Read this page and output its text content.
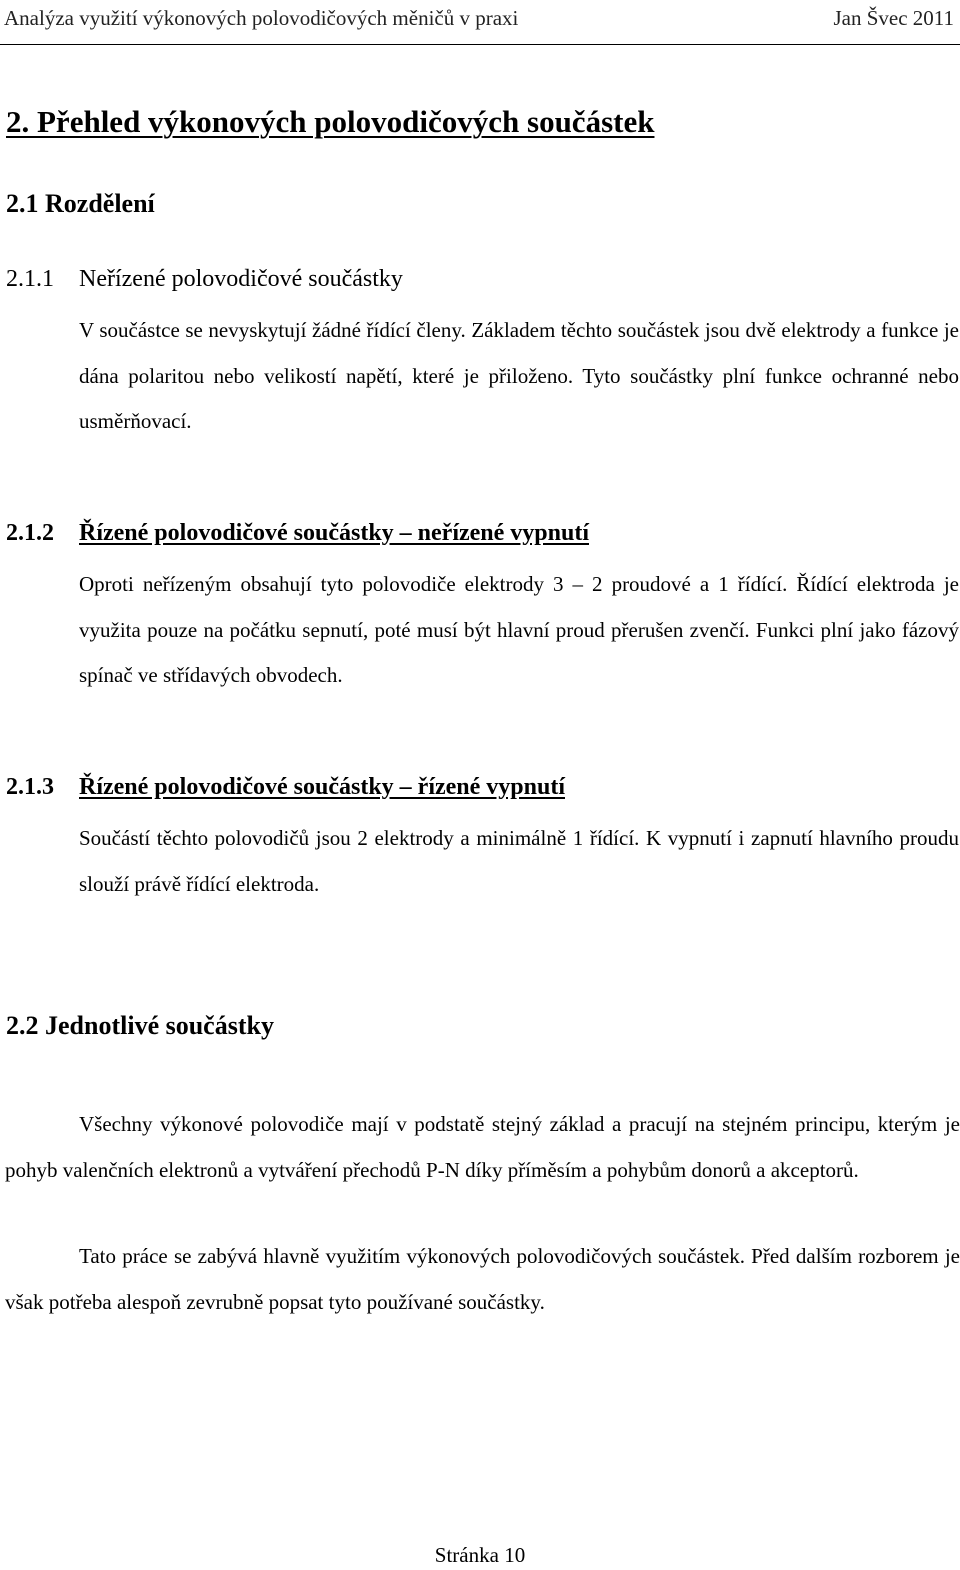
Analýza využití výkonových polovodičových měničů v praxi	Jan Švec 2011
2. Přehled výkonových polovodičových součástek
2.1 Rozdělení
2.1.1 Neřízené polovodičové součástky
V součástce se nevyskytují žádné řídící členy. Základem těchto součástek jsou dvě elektrody a funkce je dána polaritou nebo velikostí napětí, které je přiloženo. Tyto součástky plní funkce ochranné nebo usměrňovací.
2.1.2 Řízené polovodičové součástky – neřízené vypnutí
Oproti neřízeným obsahují tyto polovodiče elektrody 3 – 2 proudové a 1 řídící. Řídící elektroda je využita pouze na počátku sepnutí, poté musí být hlavní proud přerušen zvenčí. Funkci plní jako fázový spínač ve střídavých obvodech.
2.1.3 Řízené polovodičové součástky – řízené vypnutí
Součástí těchto polovodičů jsou 2 elektrody a minimálně 1 řídící. K vypnutí i zapnutí hlavního proudu slouží právě řídící elektroda.
2.2 Jednotlivé součástky
Všechny výkonové polovodiče mají v podstatě stejný základ a pracují na stejném principu, kterým je pohyb valenčních elektronů a vytváření přechodů P-N díky příměsím a pohybům donorů a akceptorů.
Tato práce se zabývá hlavně využitím výkonových polovodičových součástek. Před dalším rozborem je však potřeba alespoň zevrubně popsat tyto používané součástky.
Stránka 10
